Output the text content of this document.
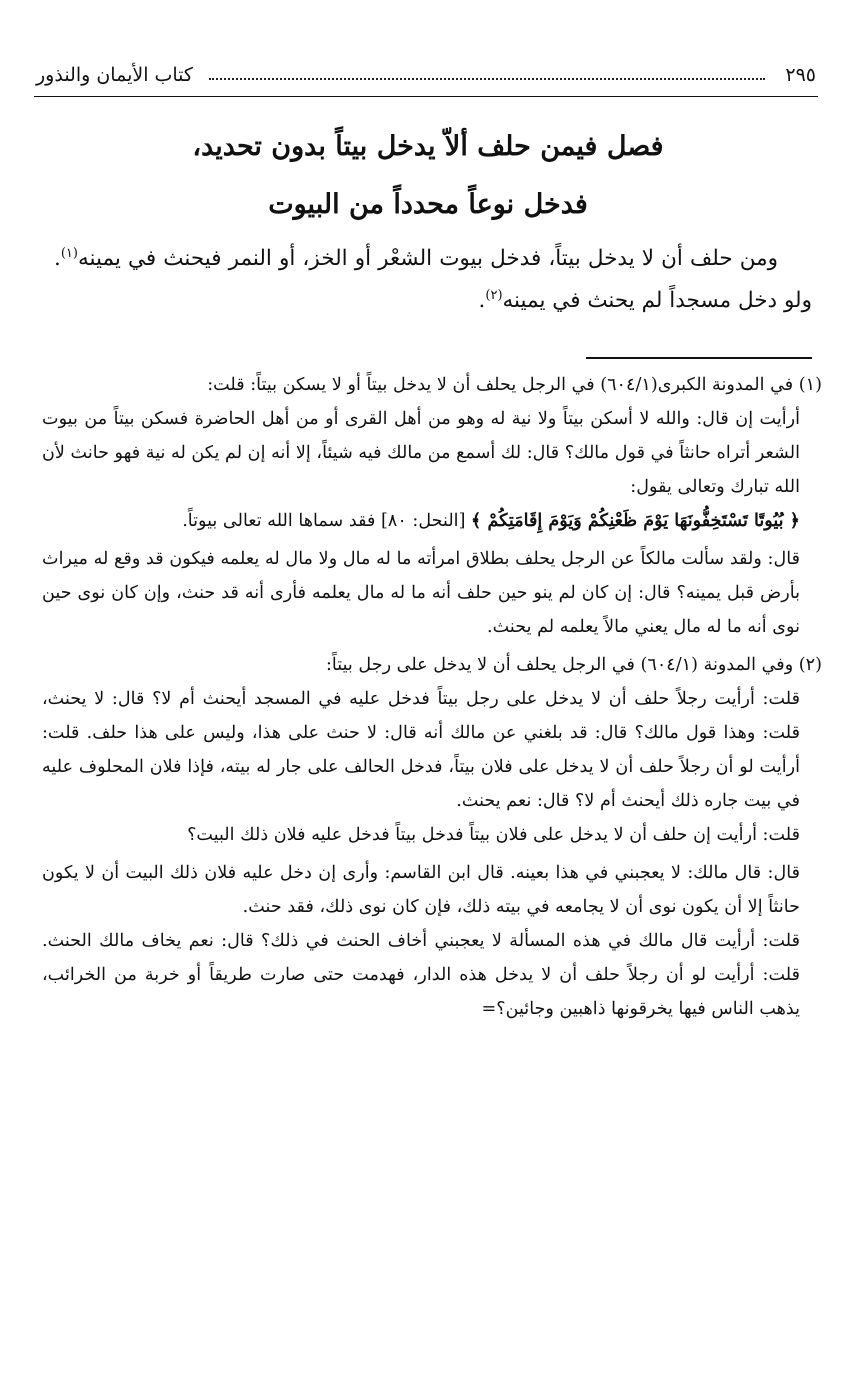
٢٩٥
كتاب الأيمان والنذور
فصل فيمن حلف ألاّ يدخل بيتاً بدون تحديد،
فدخل نوعاً محدداً من البيوت

ومن حلف أن لا يدخل بيتاً، فدخل بيوت الشعْر أو الخز، أو النمر فيحنث في يمينه$^{(١)}$. ولو دخل مسجداً لم يحنث في يمينه$^{(٢)}$.

(١) في المدونة الكبرى(٦٠٤/١) في الرجل يحلف أن لا يدخل بيتاً أو لا يسكن بيتاً: قلت:

أرأيت إن قال: والله لا أسكن بيتاً ولا نية له وهو من أهل القرى أو من أهل الحاضرة فسكن بيتاً من بيوت الشعر أتراه حانثاً في قول مالك؟ قال: لك أسمع من مالك فيه شيئاً، إلا أنه إن لم يكن له نية فهو حانث لأن الله تبارك وتعالى يقول:

﴿ بُيُوتًا تَسْتَخِفُّونَهَا يَوْمَ ظَعْنِكُمْ وَيَوْمَ إِقَامَتِكُمْ ﴾ [النحل: ٨٠] فقد سماها الله تعالى بيوتاً.

قال: ولقد سألت مالكاً عن الرجل يحلف بطلاق امرأته ما له مال ولا مال له يعلمه فيكون قد وقع له ميراث بأرض قبل يمينه؟ قال: إن كان لم ينو حين حلف أنه ما له مال يعلمه فأرى أنه قد حنث، وإن كان نوى حين نوى أنه ما له مال يعني مالاً يعلمه لم يحنث.

(٢) وفي المدونة (٦٠٤/١) في الرجل يحلف أن لا يدخل على رجل بيتاً:

قلت: أرأيت رجلاً حلف أن لا يدخل على رجل بيتاً فدخل عليه في المسجد أيحنث أم لا؟ قال: لا يحنث، قلت: وهذا قول مالك؟ قال: قد بلغني عن مالك أنه قال: لا حنث على هذا، وليس على هذا حلف. قلت: أرأيت لو أن رجلاً حلف أن لا يدخل على فلان بيتاً، فدخل الحالف على جار له بيته، فإذا فلان المحلوف عليه في بيت جاره ذلك أيحنث أم لا؟ قال: نعم يحنث.

قلت: أرأيت إن حلف أن لا يدخل على فلان بيتاً فدخل بيتاً فدخل عليه فلان ذلك البيت؟

قال: قال مالك: لا يعجبني في هذا بعينه. قال ابن القاسم: وأرى إن دخل عليه فلان ذلك البيت أن لا يكون حانثاً إلا أن يكون نوى أن لا يجامعه في بيته ذلك، فإن كان نوى ذلك، فقد حنث.

قلت: أرأيت قال مالك في هذه المسألة لا يعجبني أخاف الحنث في ذلك؟ قال: نعم يخاف مالك الحنث. قلت: أرأيت لو أن رجلاً حلف أن لا يدخل هذه الدار، فهدمت حتى صارت طريقاً أو خربة من الخرائب، يذهب الناس فيها يخرقونها ذاهبين وجائين؟=
